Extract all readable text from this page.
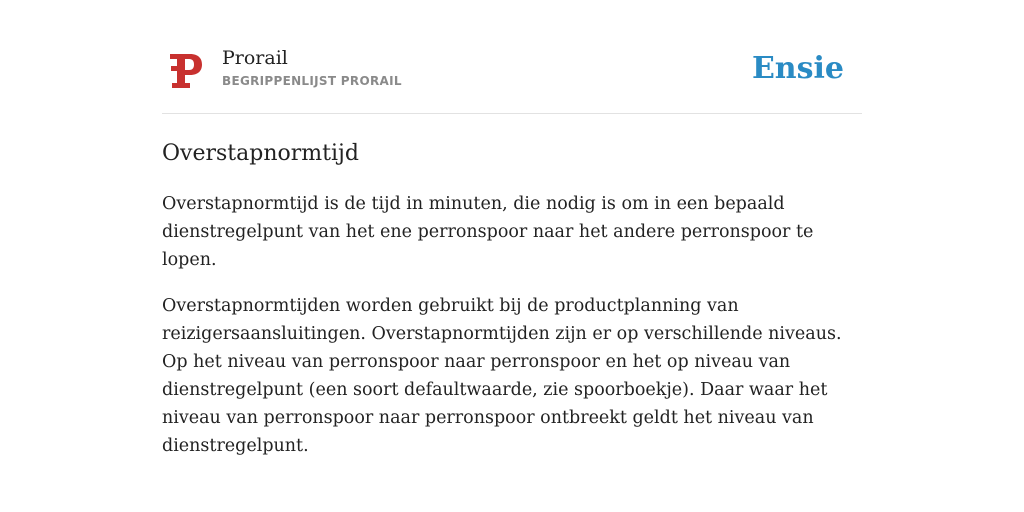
Prorail
BEGRIPPENLIJST PRORAIL	Ensie
Overstapnormtijd

Overstapnormtijd is de tijd in minuten, die nodig is om in een bepaald dienstregelpunt van het ene perronspoor naar het andere perronspoor te lopen.

Overstapnormtijden worden gebruikt bij de productplanning van reizigersaansluitingen. Overstapnormtijden zijn er op verschillende niveaus. Op het niveau van perronspoor naar perronspoor en het op niveau van dienstregelpunt (een soort defaultwaarde, zie spoorboekje). Daar waar het niveau van perronspoor naar perronspoor ontbreekt geldt het niveau van dienstregelpunt.
